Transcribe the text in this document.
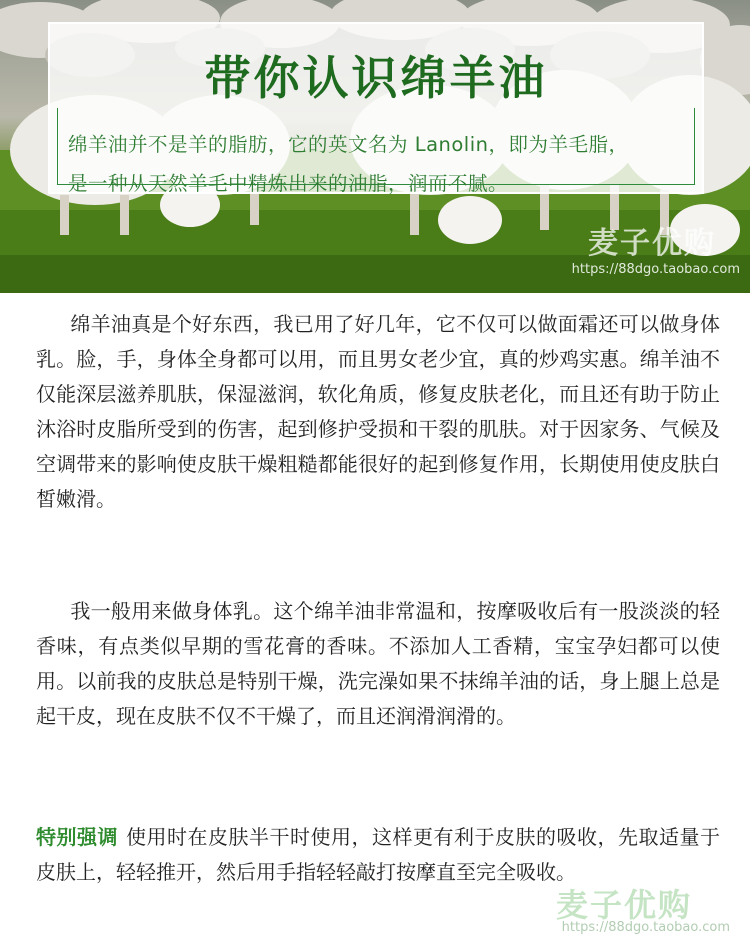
带你认识绵羊油
绵羊油并不是羊的脂肪，它的英文名为 Lanolin，即为羊毛脂，
是一种从天然羊毛中精炼出来的油脂，润而不腻。
麦子优购
https://88dgo.taobao.com
绵羊油真是个好东西，我已用了好几年，它不仅可以做面霜还可以做身体乳。脸，手，身体全身都可以用，而且男女老少宜，真的炒鸡实惠。绵羊油不仅能深层滋养肌肤，保湿滋润，软化角质，修复皮肤老化，而且还有助于防止沐浴时皮脂所受到的伤害，起到修护受损和干裂的肌肤。对于因家务、气候及空调带来的影响使皮肤干燥粗糙都能很好的起到修复作用，长期使用使皮肤白皙嫩滑。
我一般用来做身体乳。这个绵羊油非常温和，按摩吸收后有一股淡淡的轻香味，有点类似早期的雪花膏的香味。不添加人工香精，宝宝孕妇都可以使用。以前我的皮肤总是特别干燥，洗完澡如果不抹绵羊油的话，身上腿上总是起干皮，现在皮肤不仅不干燥了，而且还润滑润滑的。
特别强调 使用时在皮肤半干时使用，这样更有利于皮肤的吸收，先取适量于皮肤上，轻轻推开，然后用手指轻轻敲打按摩直至完全吸收。
麦子优购
https://88dgo.taobao.com
